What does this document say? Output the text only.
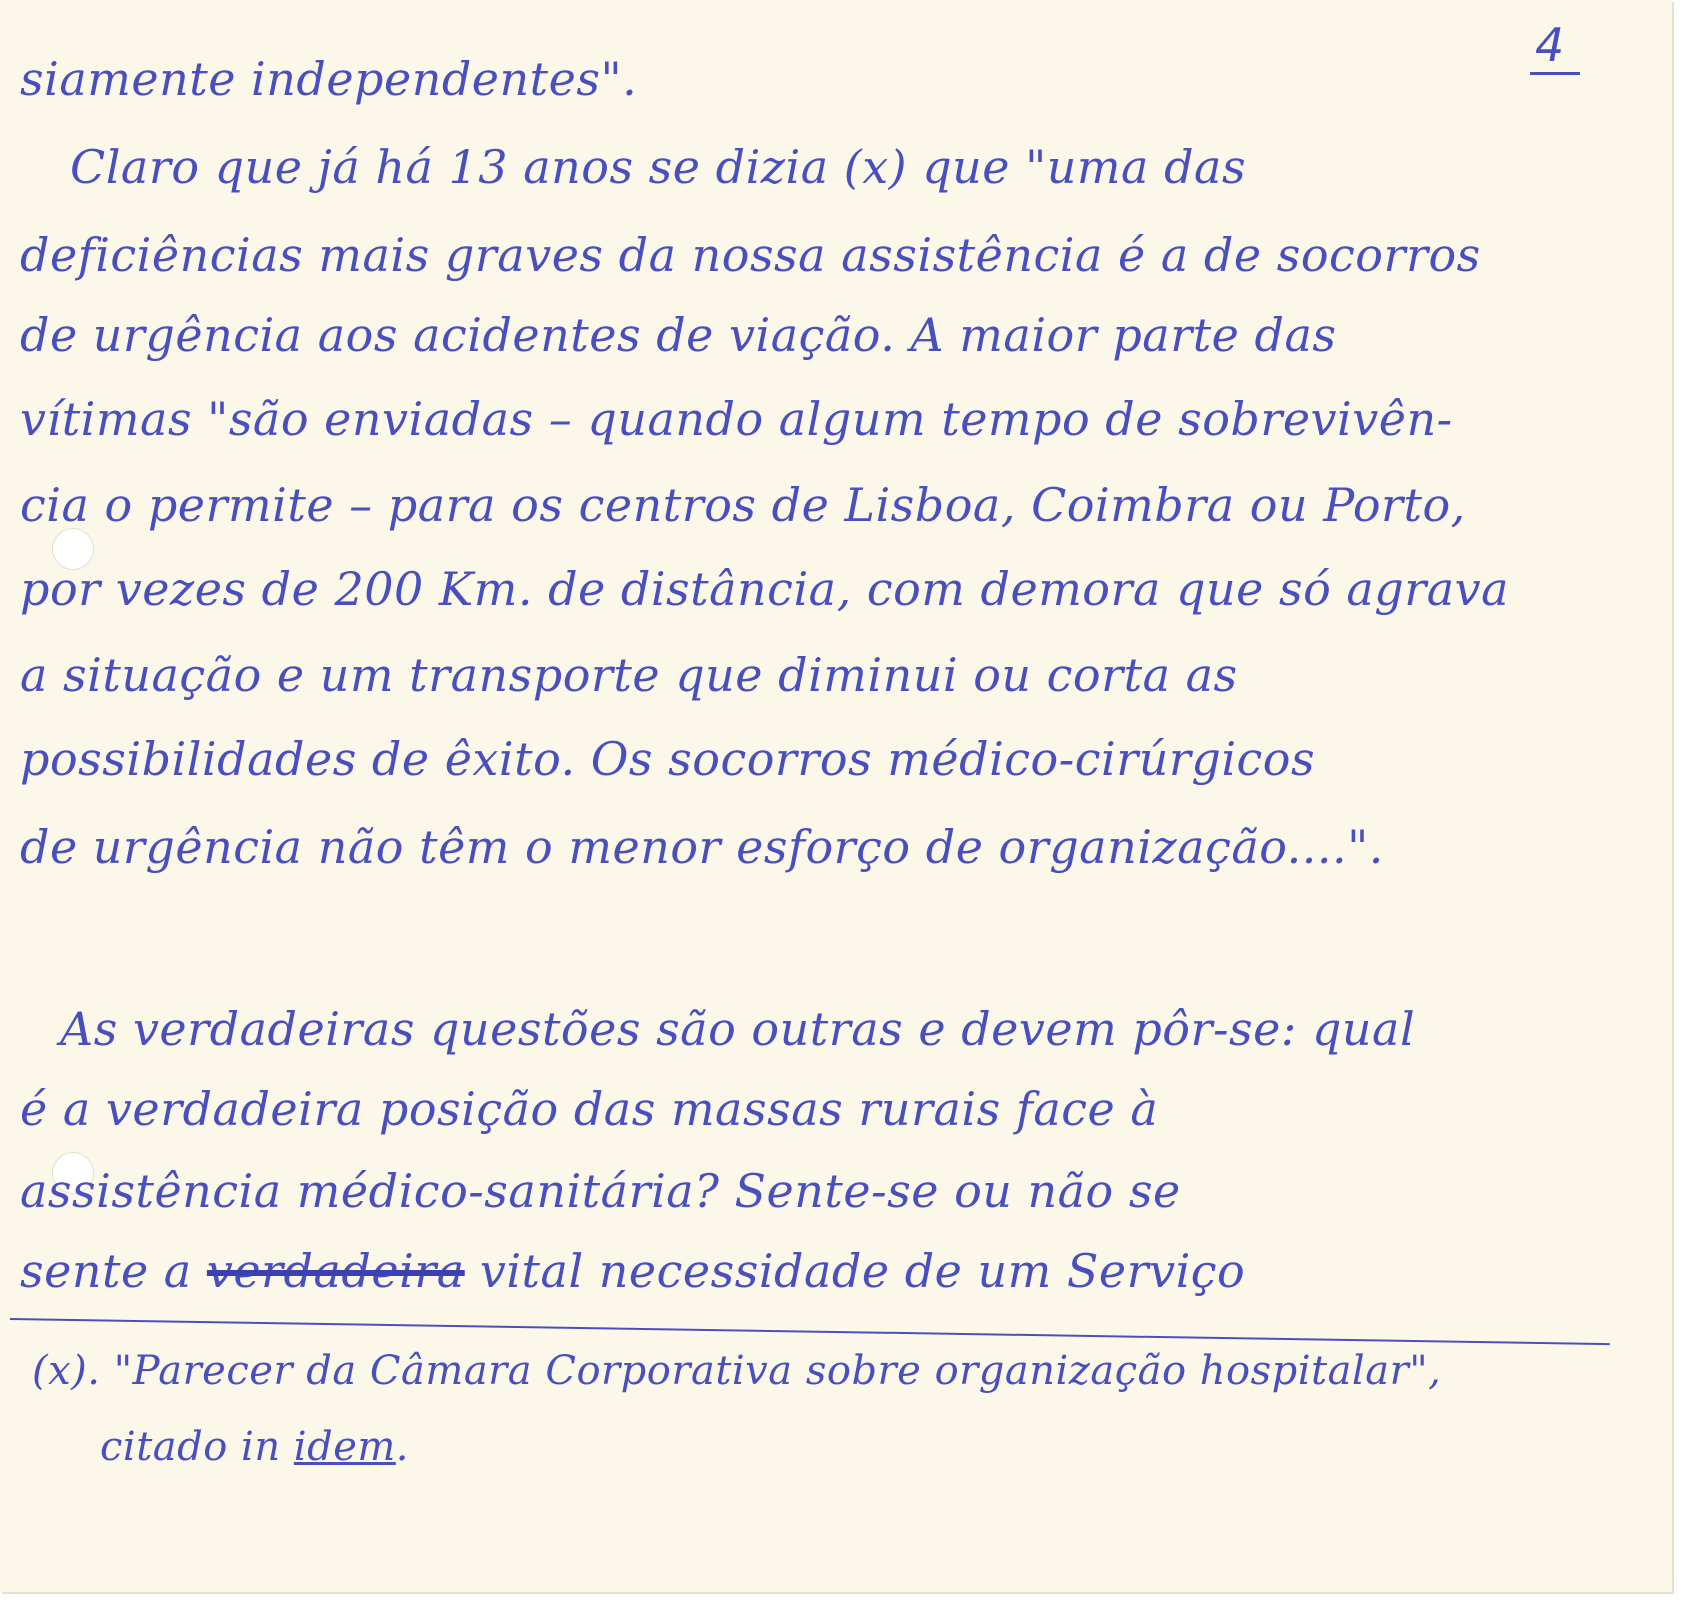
4
siamente independentes".
Claro que já há 13 anos se dizia (x) que "uma das
deficiências mais graves da nossa assistência é a de socorros
de urgência aos acidentes de viação. A maior parte das
vítimas "são enviadas – quando algum tempo de sobrevivên-
cia o permite – para os centros de Lisboa, Coimbra ou Porto,
por vezes de 200 Km. de distância, com demora que só agrava
a situação e um transporte que diminui ou corta as
possibilidades de êxito. Os socorros médico-cirúrgicos
de urgência não têm o menor esforço de organização....".
As verdadeiras questões são outras e devem pôr-se: qual
é a verdadeira posição das massas rurais face à
assistência médico-sanitária? Sente-se ou não se
sente a verdadeira vital necessidade de um Serviço
(x). "Parecer da Câmara Corporativa sobre organização hospitalar",
citado in idem.
